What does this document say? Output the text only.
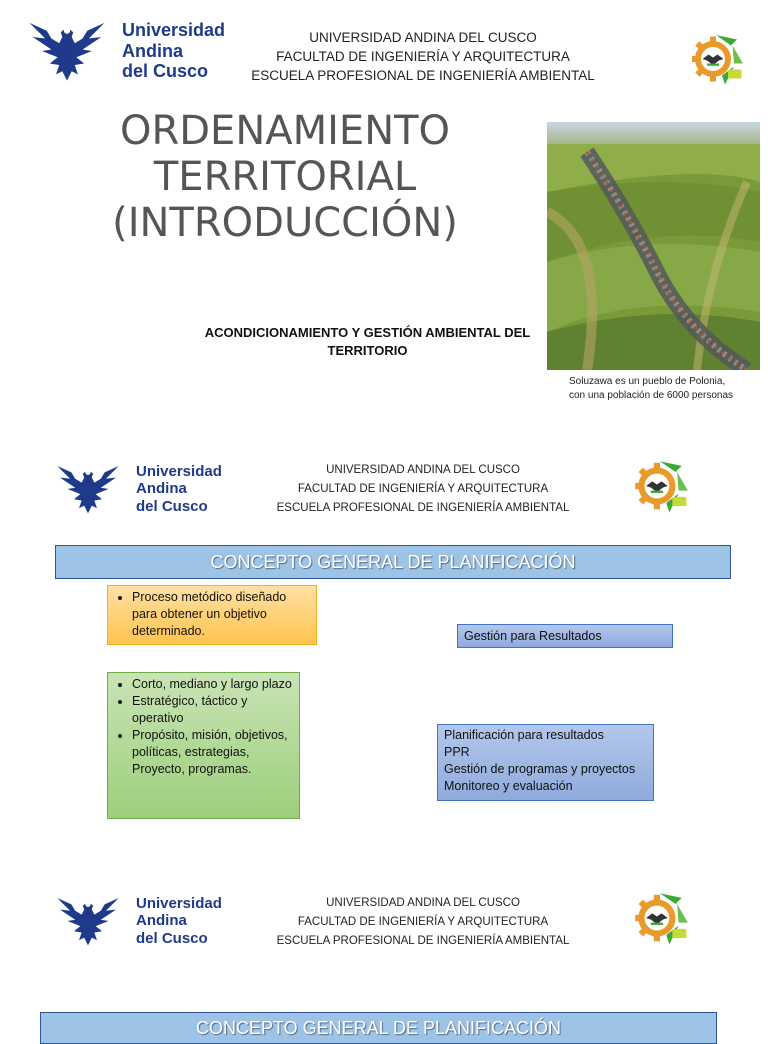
Universidad
Andina
del Cusco
UNIVERSIDAD ANDINA DEL CUSCO
FACULTAD DE INGENIERÍA Y ARQUITECTURA
ESCUELA PROFESIONAL DE INGENIERÍA AMBIENTAL
ORDENAMIENTO
TERRITORIAL
(INTRODUCCIÓN)
ACONDICIONAMIENTO Y GESTIÓN AMBIENTAL DEL
TERRITORIO
Soluzawa es un pueblo de Polonia,
con una población de 6000 personas
Universidad
Andina
del Cusco
UNIVERSIDAD ANDINA DEL CUSCO
FACULTAD DE INGENIERÍA Y ARQUITECTURA
ESCUELA PROFESIONAL DE INGENIERÍA AMBIENTAL
CONCEPTO GENERAL DE PLANIFICACIÓN
• Proceso metódico diseñado para obtener un objetivo determinado.
• Corto, mediano y largo plazo
• Estratégico, táctico y operativo
• Propósito, misión, objetivos, políticas, estrategias, Proyecto, programas.
Gestión para Resultados
Planificación para resultados
PPR
Gestión de programas y proyectos
Monitoreo y evaluación
Universidad
Andina
del Cusco
UNIVERSIDAD ANDINA DEL CUSCO
FACULTAD DE INGENIERÍA Y ARQUITECTURA
ESCUELA PROFESIONAL DE INGENIERÍA AMBIENTAL
CONCEPTO GENERAL DE PLANIFICACIÓN
